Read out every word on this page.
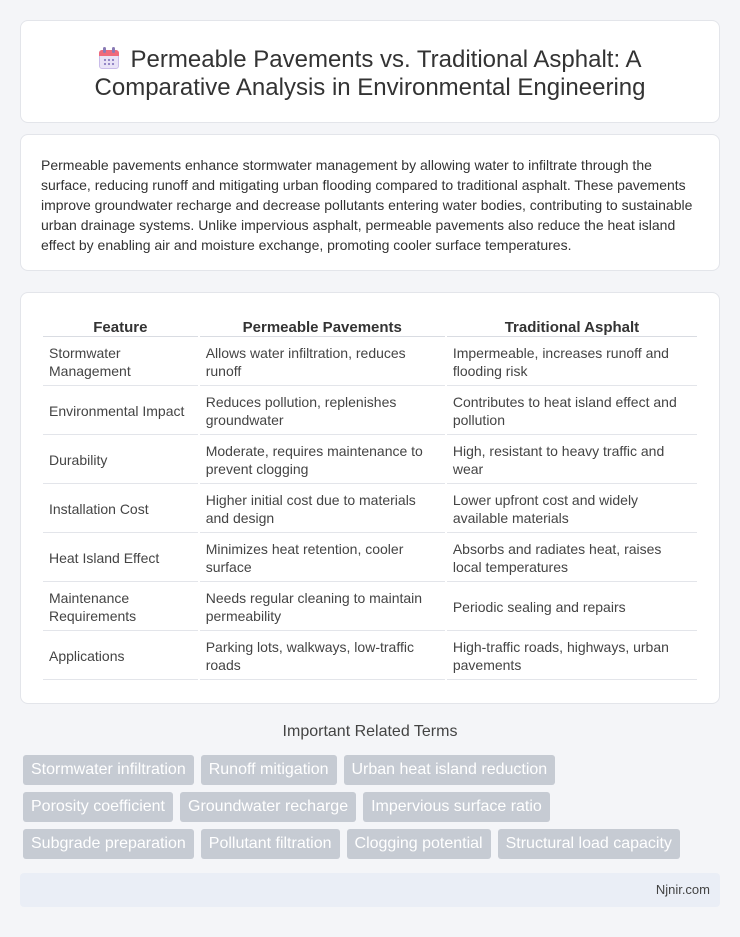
Permeable Pavements vs. Traditional Asphalt: A Comparative Analysis in Environmental Engineering

Permeable pavements enhance stormwater management by allowing water to infiltrate through the surface, reducing runoff and mitigating urban flooding compared to traditional asphalt. These pavements improve groundwater recharge and decrease pollutants entering water bodies, contributing to sustainable urban drainage systems. Unlike impervious asphalt, permeable pavements also reduce the heat island effect by enabling air and moisture exchange, promoting cooler surface temperatures.

Feature	Permeable Pavements	Traditional Asphalt
Stormwater Management	Allows water infiltration, reduces runoff	Impermeable, increases runoff and flooding risk
Environmental Impact	Reduces pollution, replenishes groundwater	Contributes to heat island effect and pollution
Durability	Moderate, requires maintenance to prevent clogging	High, resistant to heavy traffic and wear
Installation Cost	Higher initial cost due to materials and design	Lower upfront cost and widely available materials
Heat Island Effect	Minimizes heat retention, cooler surface	Absorbs and radiates heat, raises local temperatures
Maintenance Requirements	Needs regular cleaning to maintain permeability	Periodic sealing and repairs
Applications	Parking lots, walkways, low-traffic roads	High-traffic roads, highways, urban pavements
Important Related Terms
Stormwater infiltration	Runoff mitigation	Urban heat island reduction
Porosity coefficient	Groundwater recharge	Impervious surface ratio
Subgrade preparation	Pollutant filtration	Clogging potential	Structural load capacity
Njnir.com
